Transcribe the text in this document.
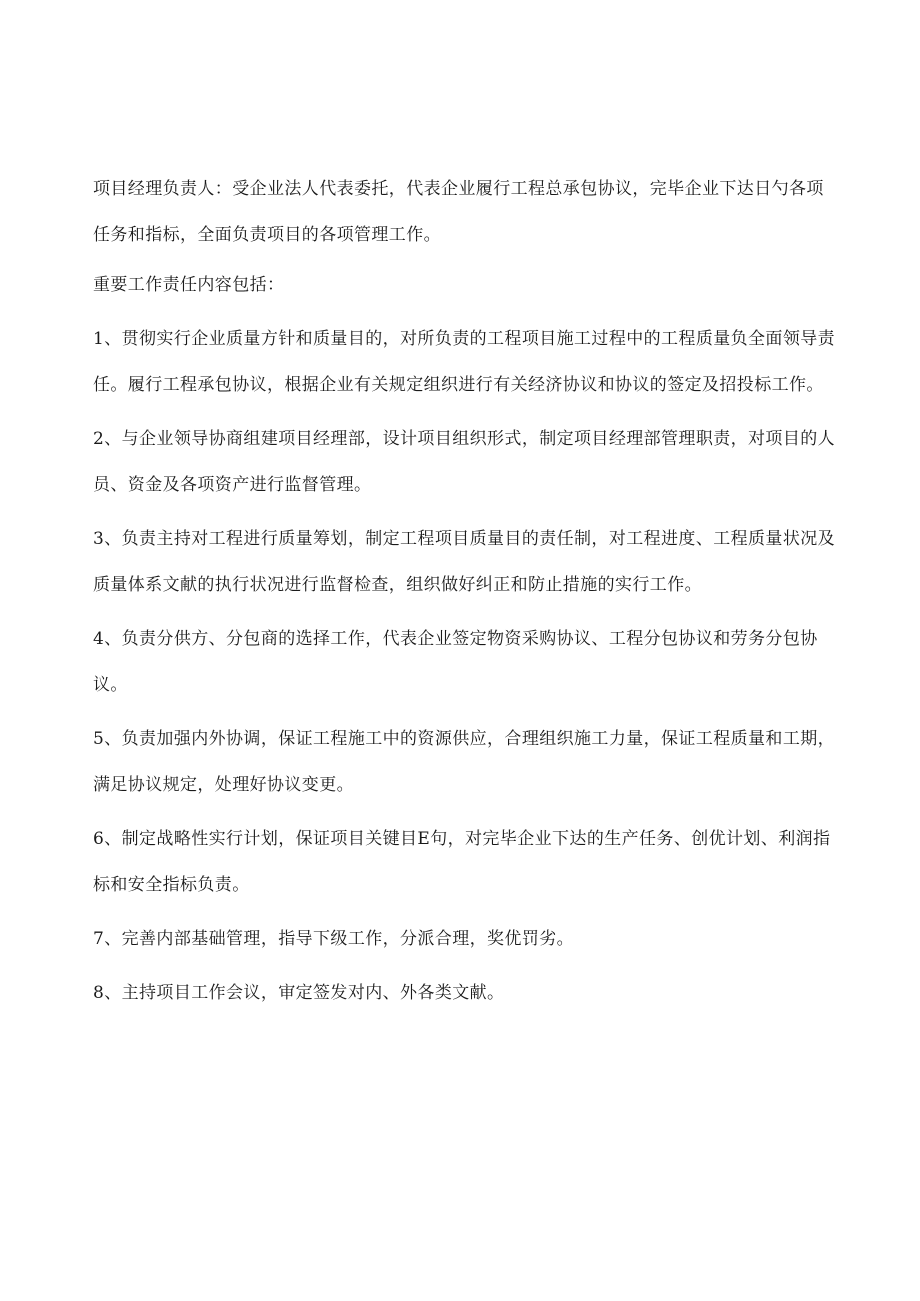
项目经理负责人：受企业法人代表委托，代表企业履行工程总承包协议，完毕企业下达日勺各项任务和指标，全面负责项目的各项管理工作。

重要工作责任内容包括：

1、贯彻实行企业质量方针和质量目的，对所负责的工程项目施工过程中的工程质量负全面领导责任。履行工程承包协议，根据企业有关规定组织进行有关经济协议和协议的签定及招投标工作。

2、与企业领导协商组建项目经理部，设计项目组织形式，制定项目经理部管理职责，对项目的人员、资金及各项资产进行监督管理。

3、负责主持对工程进行质量筹划，制定工程项目质量目的责任制，对工程进度、工程质量状况及质量体系文献的执行状况进行监督检查，组织做好纠正和防止措施的实行工作。

4、负责分供方、分包商的选择工作，代表企业签定物资采购协议、工程分包协议和劳务分包协议。

5、负责加强内外协调，保证工程施工中的资源供应，合理组织施工力量，保证工程质量和工期，满足协议规定，处理好协议变更。

6、制定战略性实行计划，保证项目关键目E句，对完毕企业下达的生产任务、创优计划、利润指标和安全指标负责。

7、完善内部基础管理，指导下级工作，分派合理，奖优罚劣。

8、主持项目工作会议，审定签发对内、外各类文献。
